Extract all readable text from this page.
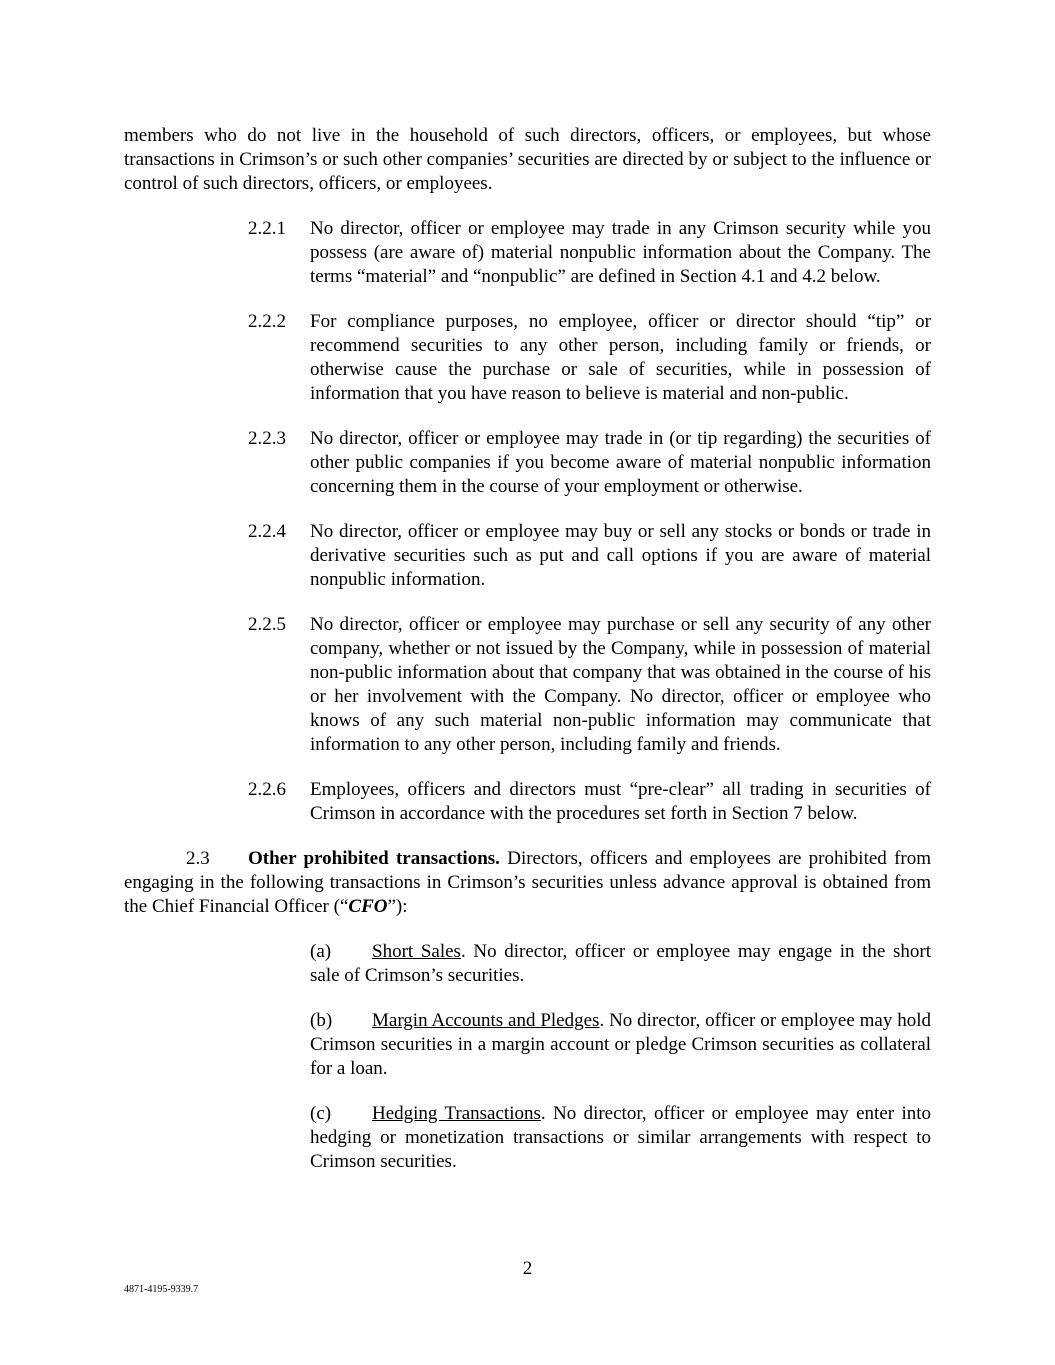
members who do not live in the household of such directors, officers, or employees, but whose transactions in Crimson’s or such other companies’ securities are directed by or subject to the influence or control of such directors, officers, or employees.

2.2.1 No director, officer or employee may trade in any Crimson security while you possess (are aware of) material nonpublic information about the Company. The terms “material” and “nonpublic” are defined in Section 4.1 and 4.2 below.
2.2.2 For compliance purposes, no employee, officer or director should “tip” or recommend securities to any other person, including family or friends, or otherwise cause the purchase or sale of securities, while in possession of information that you have reason to believe is material and non-public.
2.2.3 No director, officer or employee may trade in (or tip regarding) the securities of other public companies if you become aware of material nonpublic information concerning them in the course of your employment or otherwise.
2.2.4 No director, officer or employee may buy or sell any stocks or bonds or trade in derivative securities such as put and call options if you are aware of material nonpublic information.
2.2.5 No director, officer or employee may purchase or sell any security of any other company, whether or not issued by the Company, while in possession of material non-public information about that company that was obtained in the course of his or her involvement with the Company. No director, officer or employee who knows of any such material non-public information may communicate that information to any other person, including family and friends.
2.2.6 Employees, officers and directors must “pre-clear” all trading in securities of Crimson in accordance with the procedures set forth in Section 7 below.

2.3 Other prohibited transactions. Directors, officers and employees are prohibited from engaging in the following transactions in Crimson’s securities unless advance approval is obtained from the Chief Financial Officer (“CFO”):

(a) Short Sales. No director, officer or employee may engage in the short sale of Crimson’s securities.

(b) Margin Accounts and Pledges. No director, officer or employee may hold Crimson securities in a margin account or pledge Crimson securities as collateral for a loan.

(c) Hedging Transactions. No director, officer or employee may enter into hedging or monetization transactions or similar arrangements with respect to Crimson securities.

2
4871-4195-9339.7
